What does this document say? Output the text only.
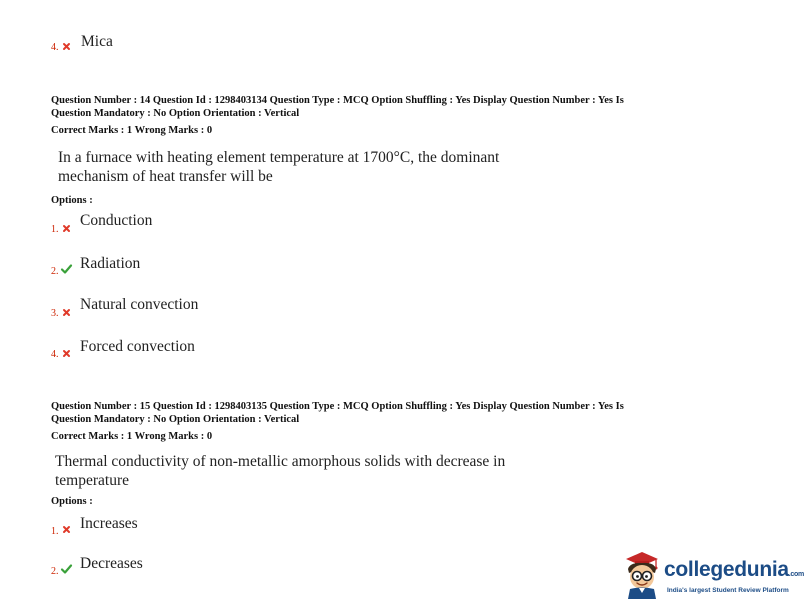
4. Mica
Question Number : 14 Question Id : 1298403134 Question Type : MCQ Option Shuffling : Yes Display Question Number : Yes Is
Question Mandatory : No Option Orientation : Vertical
Correct Marks : 1 Wrong Marks : 0
In a furnace with heating element temperature at 1700°C, the dominant
mechanism of heat transfer will be
Options :
1.
Conduction
2. Radiation
3.
Natural convection
4. Forced convection
Question Number : 15 Question Id : 1298403135 Question Type : MCQ Option Shuffling : Yes Display Question Number : Yes Is
Question Mandatory : No Option Orientation : Vertical
Correct Marks : 1 Wrong Marks : 0
Thermal conductivity of non-metallic amorphous solids with decrease in
temperature
Options :
1. Increases
2. Decreases	collegedunia.com
India's largest Student Review Platform
